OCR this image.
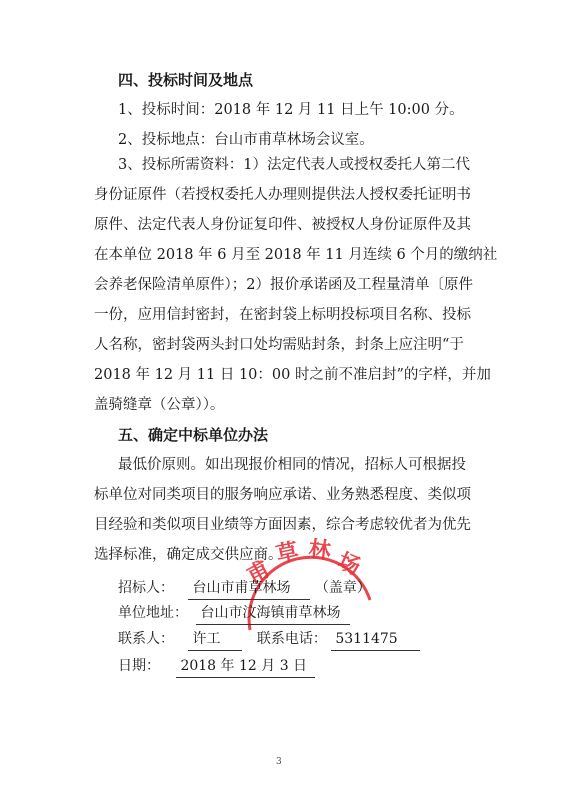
四、投标时间及地点
1、投标时间：2018 年 12 月 11 日上午 10:00 分。
2、投标地点：台山市甫草林场会议室。
3、投标所需资料：1）法定代表人或授权委托人第二代
身份证原件（若授权委托人办理则提供法人授权委托证明书
原件、法定代表人身份证复印件、被授权人身份证原件及其
在本单位 2018 年 6 月至 2018 年 11 月连续 6 个月的缴纳社
会养老保险清单原件）；2）报价承诺函及工程量清单〔原件
一份，应用信封密封，在密封袋上标明投标项目名称、投标
人名称，密封袋两头封口处均需贴封条，封条上应注明“于
2018 年 12 月 11 日 10：00 时之前不准启封”的字样，并加
盖骑缝章（公章））。
五、确定中标单位办法
最低价原则。如出现报价相同的情况，招标人可根据投
标单位对同类项目的服务响应承诺、业务熟悉程度、类似项
目经验和类似项目业绩等方面因素，综合考虑较优者为优先
选择标准，确定成交供应商。
甫
草 林 场
招标人： 台山市甫草林场 （盖章）
单位地址： 台山市汶海镇甫草林场
联系人： 许工	联系电话： 5311475
日期： 2018 年 12 月 3 日
3
